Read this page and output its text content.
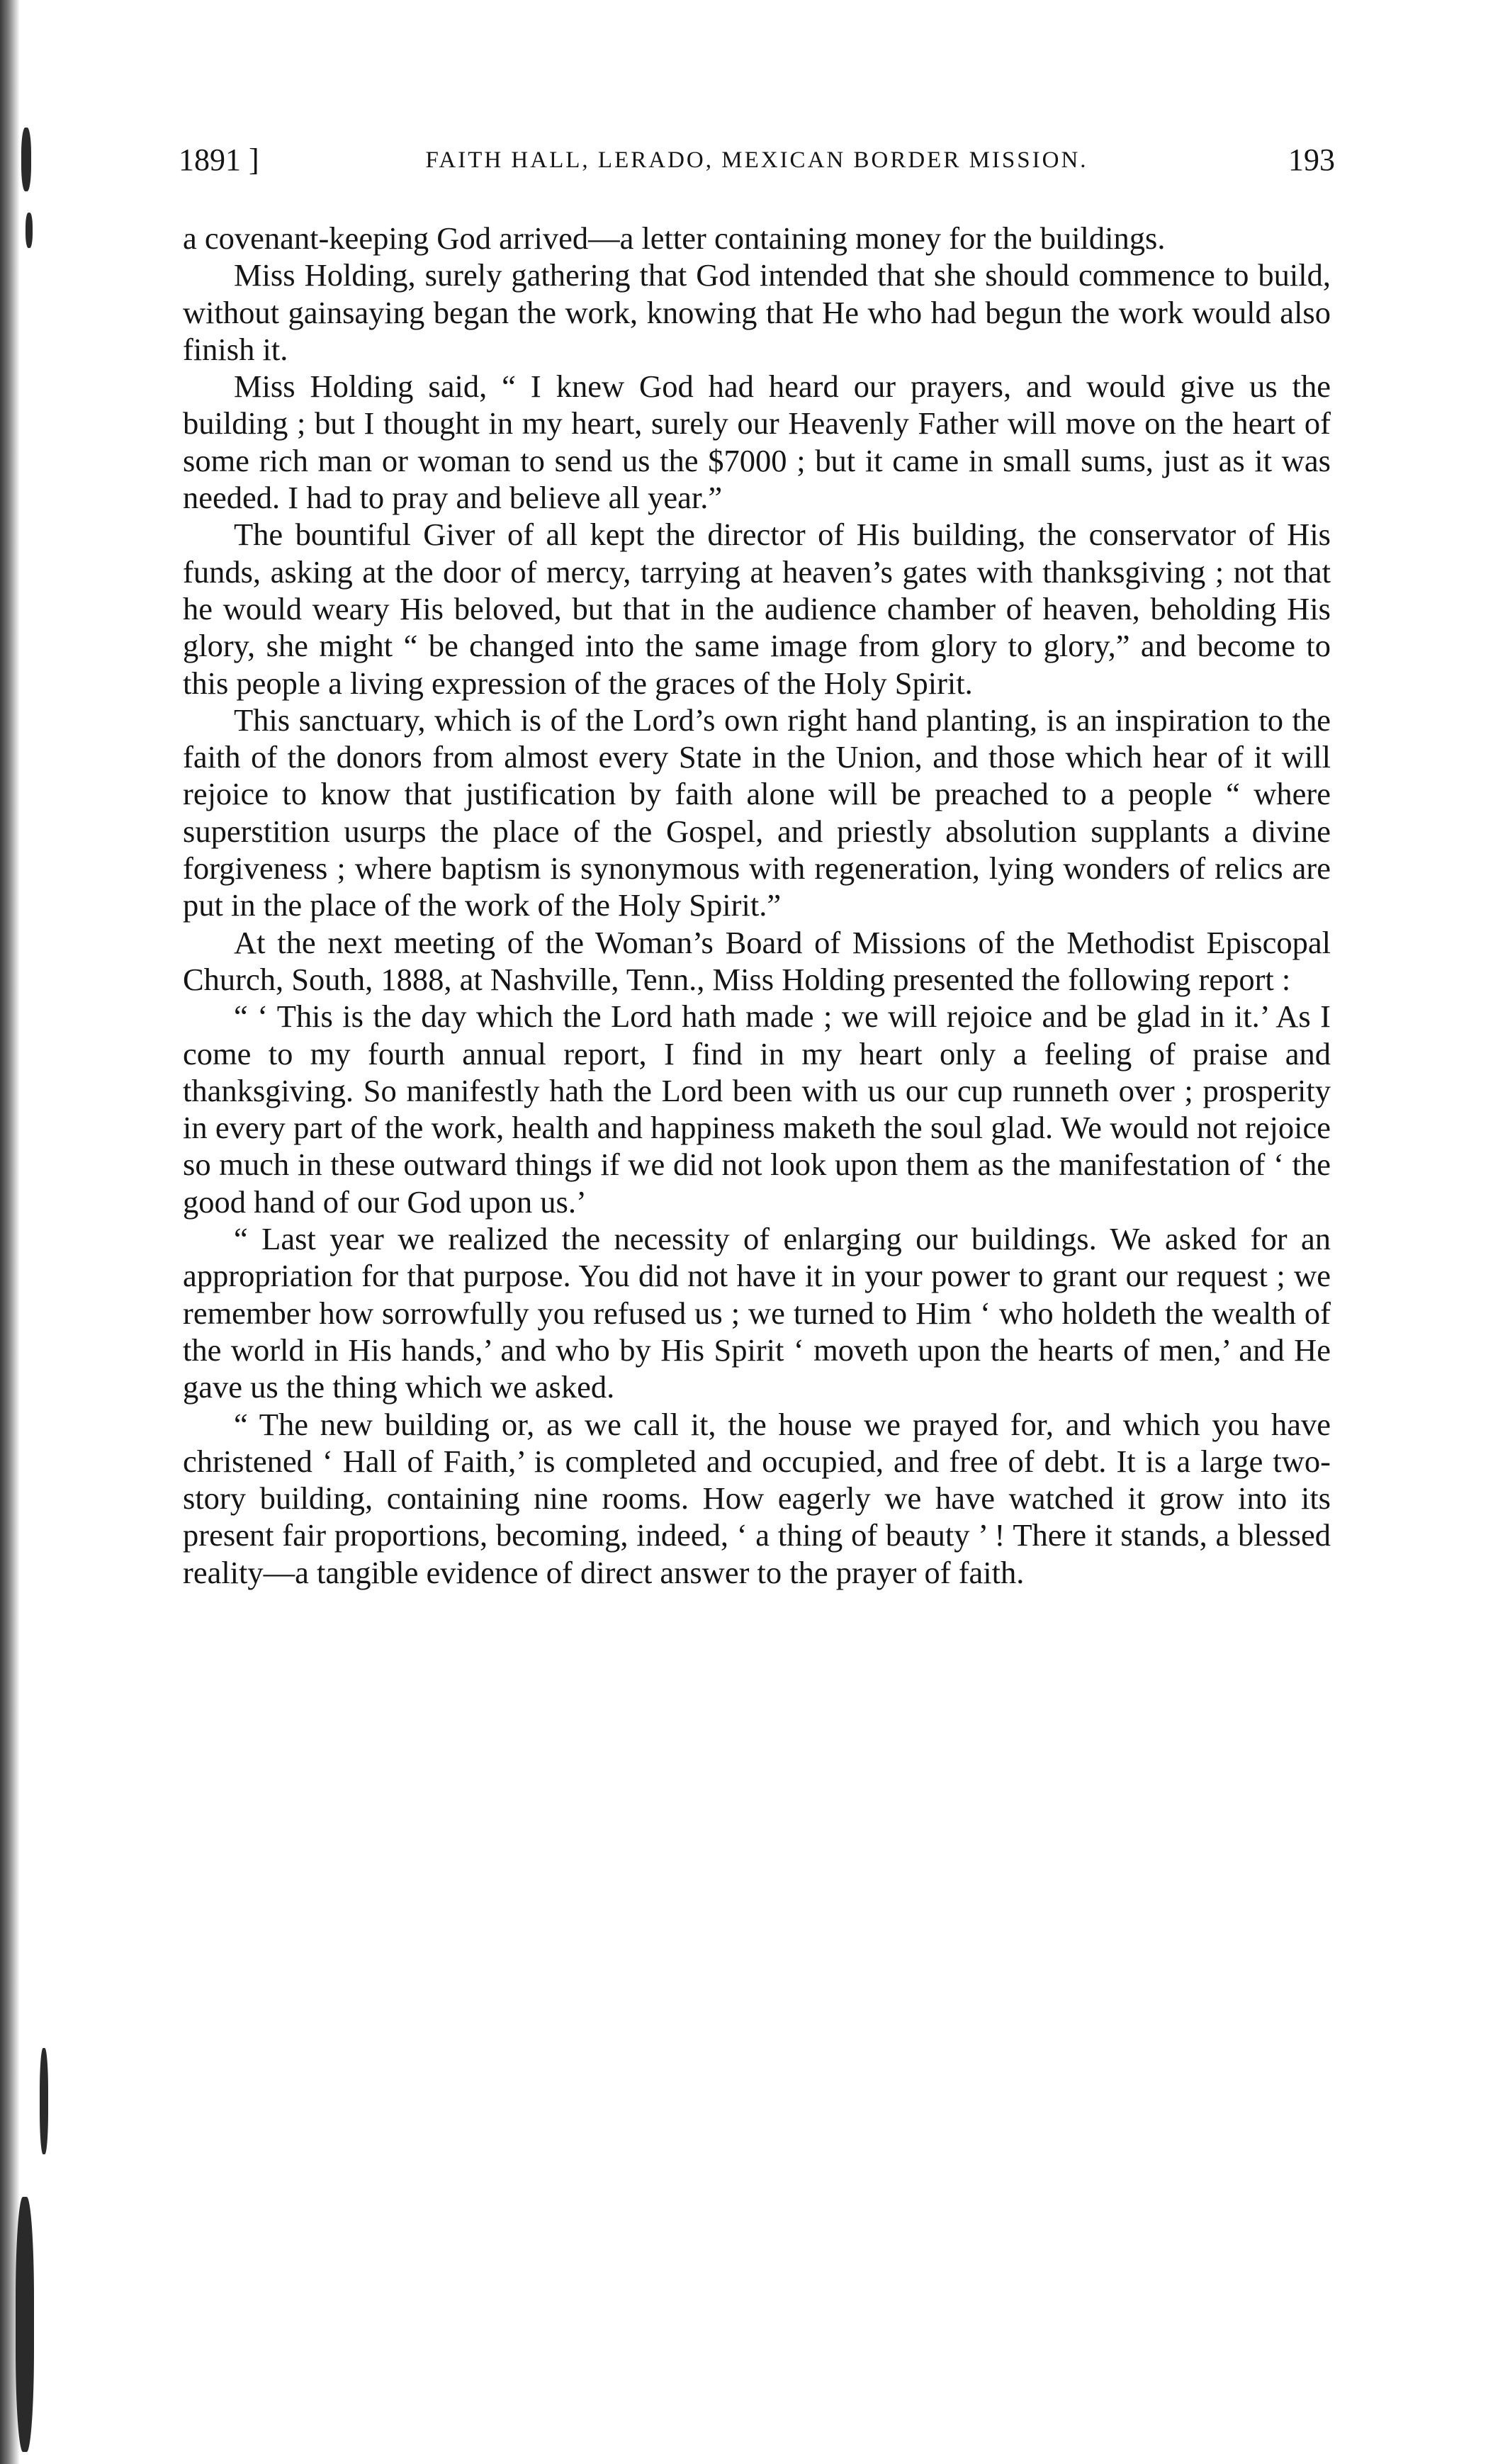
1891 ]	FAITH HALL, LERADO, MEXICAN BORDER MISSION.	193

a covenant-keeping God arrived—a letter containing money for the buildings.

Miss Holding, surely gathering that God intended that she should commence to build, without gainsaying began the work, knowing that He who had begun the work would also finish it.

Miss Holding said, “ I knew God had heard our prayers, and would give us the building ; but I thought in my heart, surely our Heavenly Father will move on the heart of some rich man or woman to send us the $7000 ; but it came in small sums, just as it was needed. I had to pray and believe all year.”

The bountiful Giver of all kept the director of His building, the conservator of His funds, asking at the door of mercy, tarrying at heaven’s gates with thanksgiving ; not that he would weary His beloved, but that in the audience chamber of heaven, beholding His glory, she might “ be changed into the same image from glory to glory,” and become to this people a living expression of the graces of the Holy Spirit.

This sanctuary, which is of the Lord’s own right hand planting, is an inspiration to the faith of the donors from almost every State in the Union, and those which hear of it will rejoice to know that justification by faith alone will be preached to a people “ where superstition usurps the place of the Gospel, and priestly absolution supplants a divine forgiveness ; where baptism is synonymous with regeneration, lying wonders of relics are put in the place of the work of the Holy Spirit.”

At the next meeting of the Woman’s Board of Missions of the Methodist Episcopal Church, South, 1888, at Nashville, Tenn., Miss Holding presented the following report :

“ ‘ This is the day which the Lord hath made ; we will rejoice and be glad in it.’ As I come to my fourth annual report, I find in my heart only a feeling of praise and thanksgiving. So manifestly hath the Lord been with us our cup runneth over ; prosperity in every part of the work, health and happiness maketh the soul glad. We would not rejoice so much in these outward things if we did not look upon them as the manifestation of ‘ the good hand of our God upon us.’

“ Last year we realized the necessity of enlarging our buildings. We asked for an appropriation for that purpose. You did not have it in your power to grant our request ; we remember how sorrowfully you refused us ; we turned to Him ‘ who holdeth the wealth of the world in His hands,’ and who by His Spirit ‘ moveth upon the hearts of men,’ and He gave us the thing which we asked.

“ The new building or, as we call it, the house we prayed for, and which you have christened ‘ Hall of Faith,’ is completed and occupied, and free of debt. It is a large two-story building, containing nine rooms. How eagerly we have watched it grow into its present fair proportions, becoming, indeed, ‘ a thing of beauty ’ ! There it stands, a blessed reality—a tangible evidence of direct answer to the prayer of faith.
